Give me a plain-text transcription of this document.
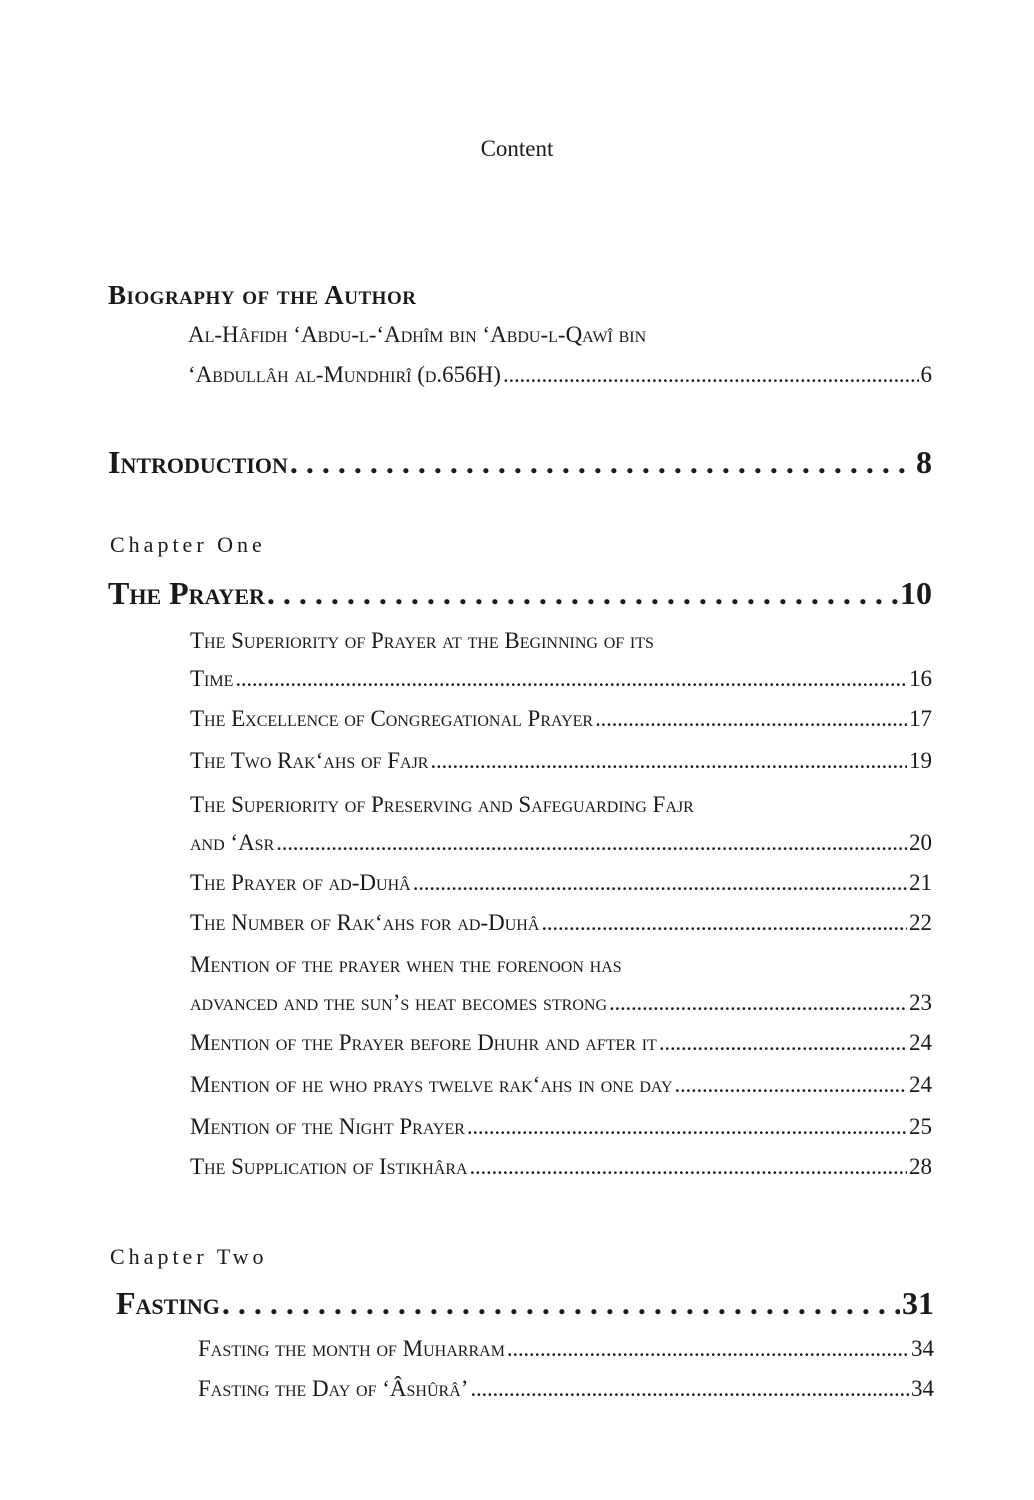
Content
Biography of the Author
Al-Hâfidh ‘Abdu-l-‘Adhîm bin ‘Abdu-l-Qawî bin
‘Abdullâh al-Mundhirî (d.656H) . . .	6
Introduction . . .	8
Chapter One
The Prayer . . .	10
The Superiority of Prayer at the Beginning of its
Time . . .	16
The Excellence of Congregational Prayer . . .	17
The Two Rak‘ahs of Fajr . . .	19
The Superiority of Preserving and Safeguarding Fajr
and ‘Asr . . .	20
The Prayer of ad-Duhâ . . .	21
The Number of Rak‘ahs for ad-Duhâ . . .	22
Mention of the prayer when the forenoon has
advanced and the sun’s heat becomes strong . . .	23
Mention of the Prayer before Dhuhr and after it . . .	24
Mention of he who prays twelve rak‘ahs in one day . . .	24
Mention of the Night Prayer . . .	25
The Supplication of Istikhâra . . .	28
Chapter Two
Fasting . . .	31
Fasting the month of Muharram . . .	34
Fasting the Day of ‘Âshûrâ’ . . .	34
